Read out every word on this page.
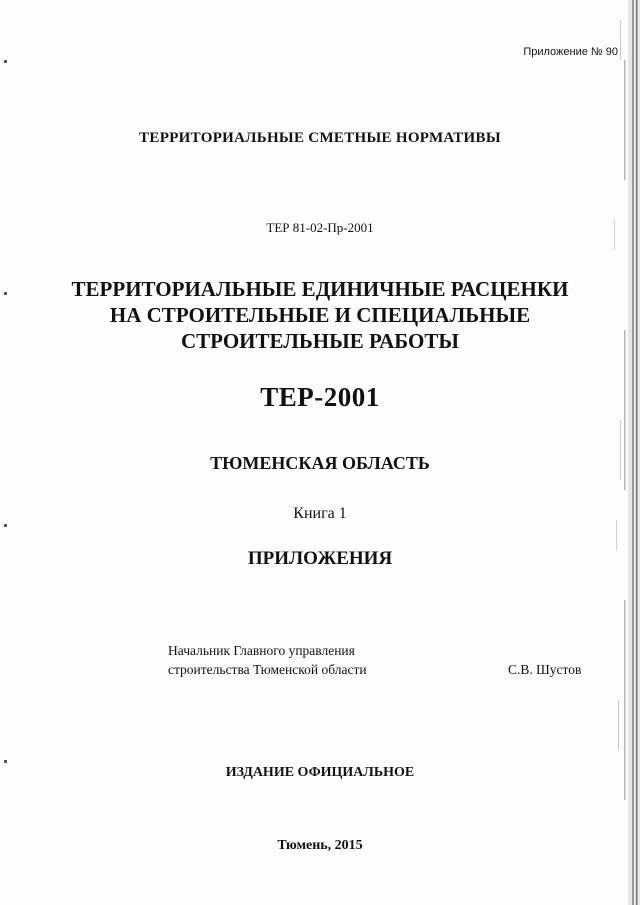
Приложение № 90
ТЕРРИТОРИАЛЬНЫЕ СМЕТНЫЕ НОРМАТИВЫ
ТЕР 81-02-Пр-2001
ТЕРРИТОРИАЛЬНЫЕ ЕДИНИЧНЫЕ РАСЦЕНКИ
НА СТРОИТЕЛЬНЫЕ И СПЕЦИАЛЬНЫЕ
СТРОИТЕЛЬНЫЕ РАБОТЫ
ТЕР-2001
ТЮМЕНСКАЯ ОБЛАСТЬ
Книга 1
ПРИЛОЖЕНИЯ
Начальник Главного управления
строительства Тюменской области	С.В. Шустов
ИЗДАНИЕ ОФИЦИАЛЬНОЕ
Тюмень, 2015
